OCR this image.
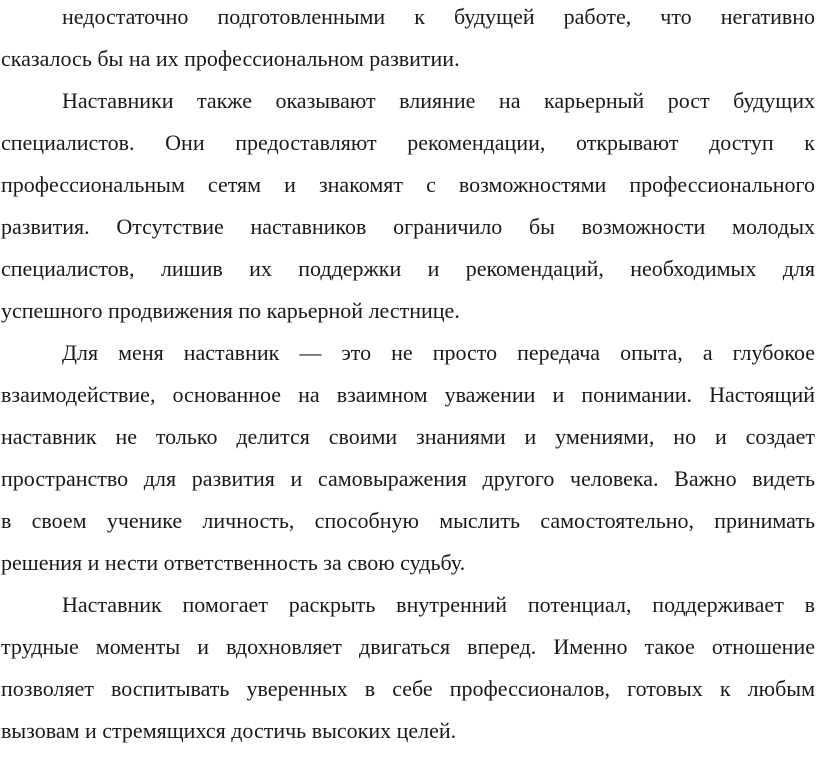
недостаточно подготовленными к будущей работе, что негативно
сказалось бы на их профессиональном развитии.
Наставники также оказывают влияние на карьерный рост будущих
специалистов. Они предоставляют рекомендации, открывают доступ к
профессиональным сетям и знакомят с возможностями профессионального
развития. Отсутствие наставников ограничило бы возможности молодых
специалистов, лишив их поддержки и рекомендаций, необходимых для
успешного продвижения по карьерной лестнице.
Для меня наставник — это не просто передача опыта, а глубокое
взаимодействие, основанное на взаимном уважении и понимании. Настоящий
наставник не только делится своими знаниями и умениями, но и создает
пространство для развития и самовыражения другого человека. Важно видеть
в своем ученике личность, способную мыслить самостоятельно, принимать
решения и нести ответственность за свою судьбу.
Наставник помогает раскрыть внутренний потенциал, поддерживает в
трудные моменты и вдохновляет двигаться вперед. Именно такое отношение
позволяет воспитывать уверенных в себе профессионалов, готовых к любым
вызовам и стремящихся достичь высоких целей.
